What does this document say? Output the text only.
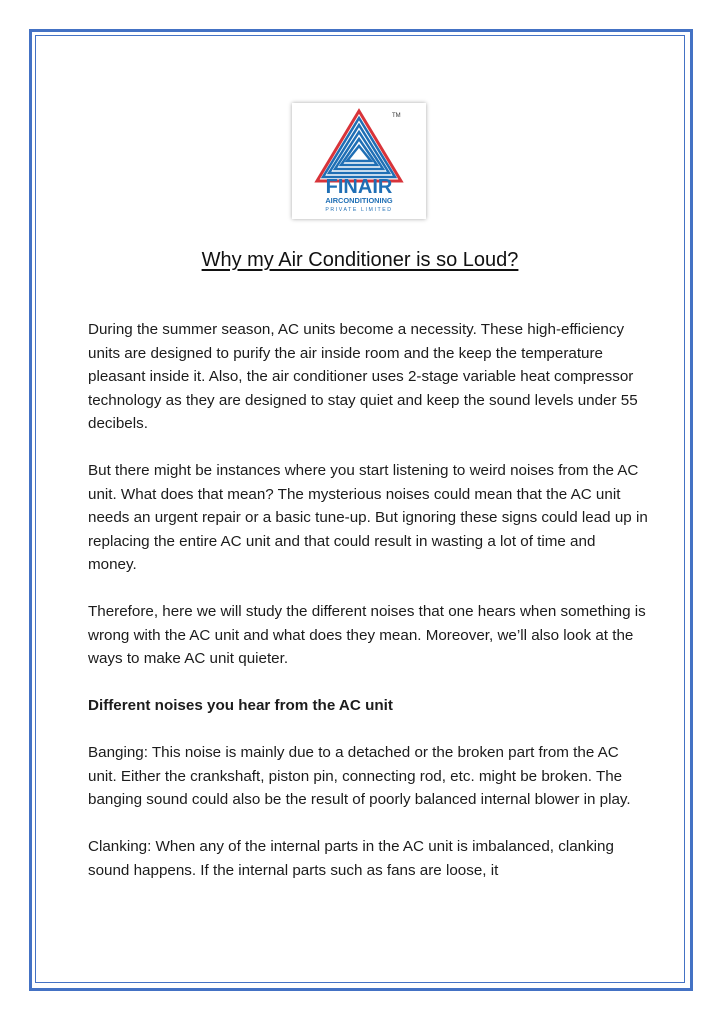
TM
FINAIR
AIRCONDITIONING
PRIVATE LIMITED
Why my Air Conditioner is so Loud?

During the summer season, AC units become a necessity. These high-efficiency units are designed to purify the air inside room and the keep the temperature pleasant inside it. Also, the air conditioner uses 2-stage variable heat compressor technology as they are designed to stay quiet and keep the sound levels under 55 decibels.

But there might be instances where you start listening to weird noises from the AC unit. What does that mean? The mysterious noises could mean that the AC unit needs an urgent repair or a basic tune-up. But ignoring these signs could lead up in replacing the entire AC unit and that could result in wasting a lot of time and money.

Therefore, here we will study the different noises that one hears when something is wrong with the AC unit and what does they mean. Moreover, we’ll also look at the ways to make AC unit quieter.

Different noises you hear from the AC unit

Banging: This noise is mainly due to a detached or the broken part from the AC unit. Either the crankshaft, piston pin, connecting rod, etc. might be broken. The banging sound could also be the result of poorly balanced internal blower in play.

Clanking: When any of the internal parts in the AC unit is imbalanced, clanking sound happens. If the internal parts such as fans are loose, it
